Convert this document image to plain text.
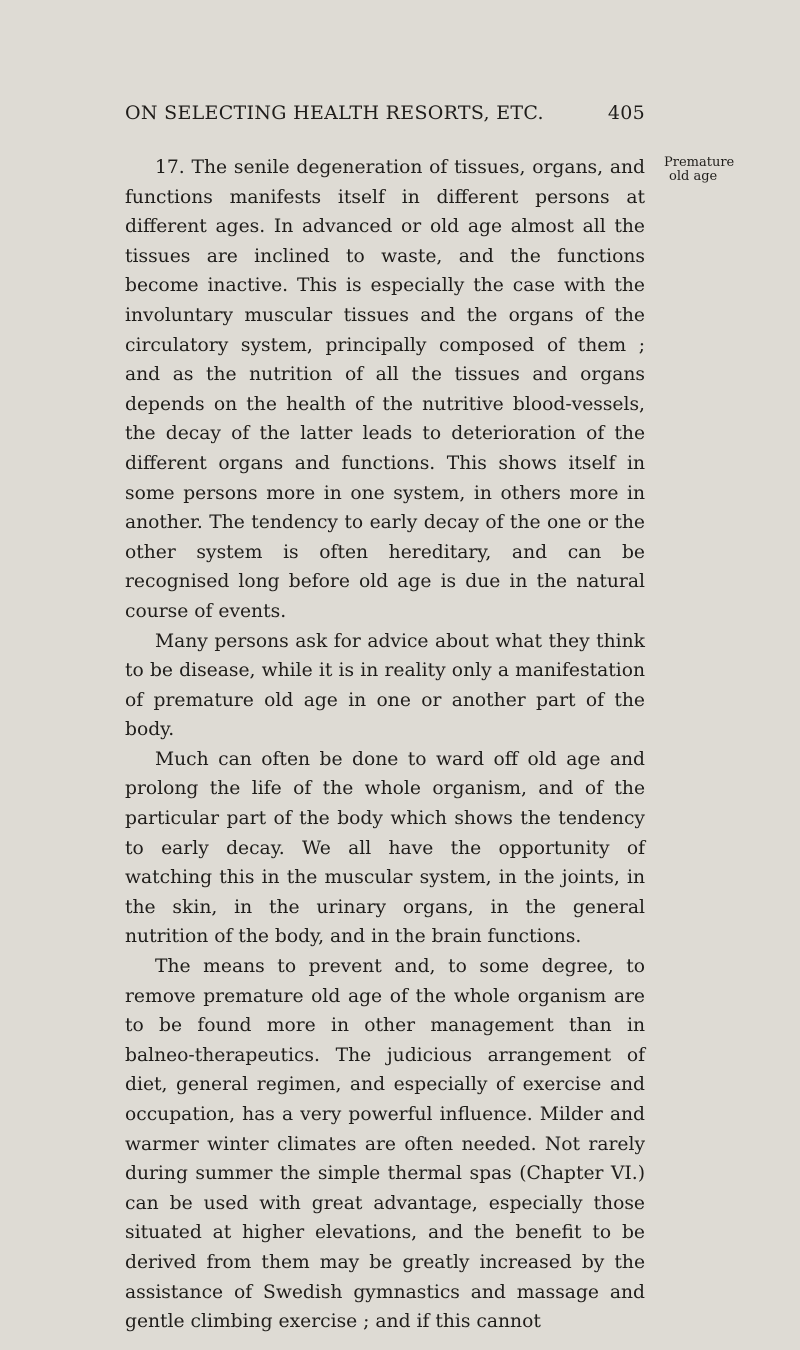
ON SELECTING HEALTH RESORTS, ETC.	405
Premature
old age

17. The senile degeneration of tissues, organs, and functions manifests itself in different persons at different ages. In advanced or old age almost all the tissues are inclined to waste, and the functions become inactive. This is especially the case with the involuntary muscular tissues and the organs of the circulatory system, principally composed of them ; and as the nutrition of all the tissues and organs depends on the health of the nutritive blood-vessels, the decay of the latter leads to deterioration of the different organs and functions. This shows itself in some persons more in one system, in others more in another. The tendency to early decay of the one or the other system is often hereditary, and can be recognised long before old age is due in the natural course of events.

Many persons ask for advice about what they think to be disease, while it is in reality only a manifestation of premature old age in one or another part of the body.

Much can often be done to ward off old age and prolong the life of the whole organism, and of the particular part of the body which shows the tendency to early decay. We all have the opportunity of watching this in the muscular system, in the joints, in the skin, in the urinary organs, in the general nutrition of the body, and in the brain functions.

The means to prevent and, to some degree, to remove premature old age of the whole organism are to be found more in other management than in balneo-therapeutics. The judicious arrangement of diet, general regimen, and especially of exercise and occupation, has a very powerful influence. Milder and warmer winter climates are often needed. Not rarely during summer the simple thermal spas (Chapter VI.) can be used with great advantage, especially those situated at higher elevations, and the benefit to be derived from them may be greatly increased by the assistance of Swedish gymnastics and massage and gentle climbing exercise ; and if this cannot
